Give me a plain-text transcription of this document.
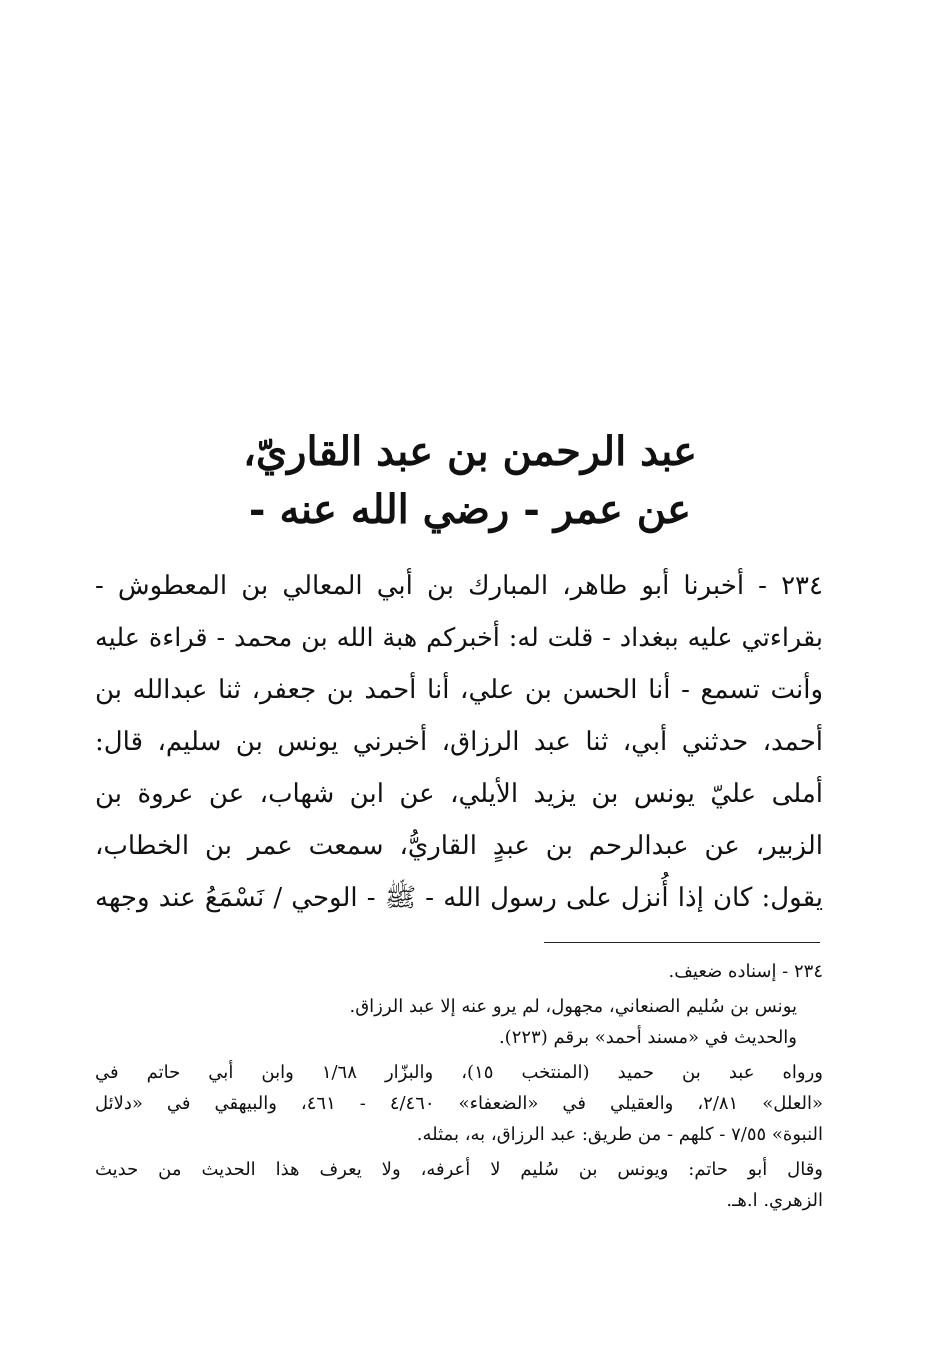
عبد الرحمن بن عبد القاريّ،
عن عمر - رضي الله عنه -
٢٣٤ - أخبرنا أبو طاهر، المبارك بن أبي المعالي بن المعطوش -
بقراءتي عليه ببغداد - قلت له: أخبركم هبة الله بن محمد - قراءة عليه
وأنت تسمع - أنا الحسن بن علي، أنا أحمد بن جعفر، ثنا عبدالله بن
أحمد، حدثني أبي، ثنا عبد الرزاق، أخبرني يونس بن سليم، قال:
أملى عليّ يونس بن يزيد الأيلي، عن ابن شهاب، عن عروة بن
الزبير، عن عبدالرحم بن عبدٍ القاريُّ، سمعت عمر بن الخطاب،
يقول: كان إذا أُنزل على رسول الله - ﷺ - الوحي / نَسْمَعُ عند وجهه
٢٣٤ - إسناده ضعيف.
يونس بن سُليم الصنعاني، مجهول، لم يرو عنه إلا عبد الرزاق.
والحديث في «مسند أحمد» برقم (٢٢٣).
ورواه عبد بن حميد (المنتخب ١٥)، والبزّار ١/٦٨ وابن أبي حاتم في
«العلل» ٢/٨١، والعقيلي في «الضعفاء» ٤/٤٦٠ - ٤٦١، والبيهقي في «دلائل
النبوة» ٧/٥٥ - كلهم - من طريق: عبد الرزاق، به، بمثله.
وقال أبو حاتم: ويونس بن سُليم لا أعرفه، ولا يعرف هذا الحديث من حديث
الزهري. ا.هـ.
